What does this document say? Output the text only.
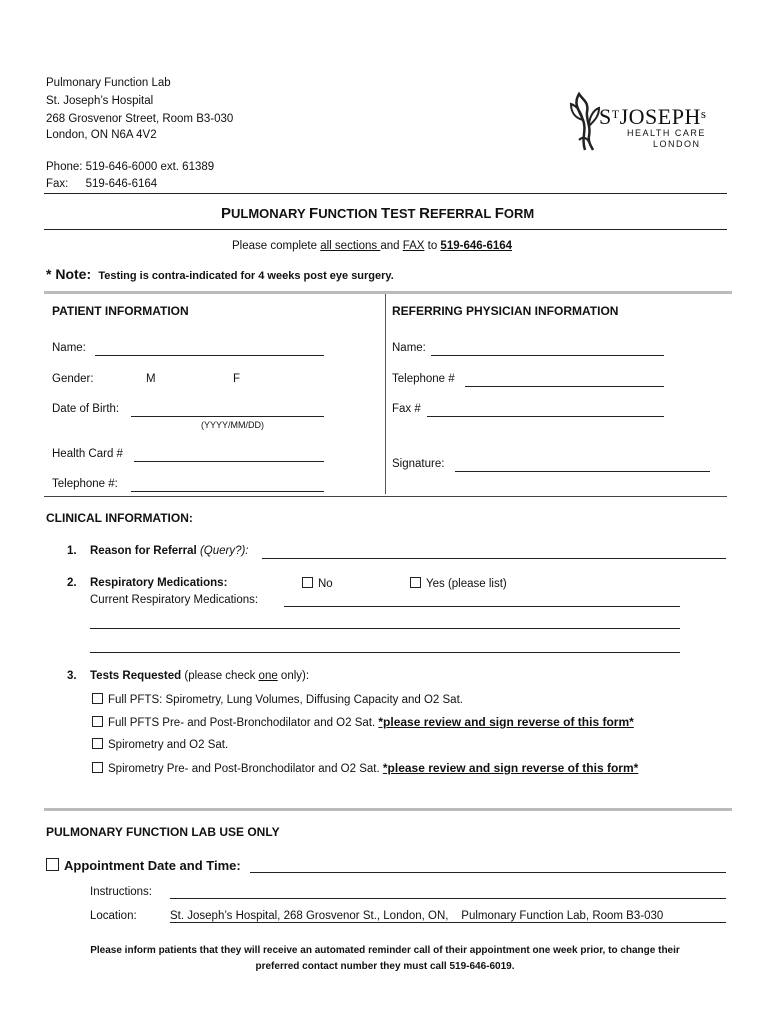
Pulmonary Function Lab
St. Joseph’s Hospital
268 Grosvenor Street, Room B3-030
London, ON N6A 4V2
Phone: 519-646-6000 ext. 61389
Fax: 519-646-6164
$S^TJOSEPH^s$
HEALTH CARE
LONDON
PULMONARY FUNCTION TEST REFERRAL FORM
Please complete all sections and FAX to 519-646-6164
* Note: Testing is contra-indicated for 4 weeks post eye surgery.
PATIENT INFORMATION
Name:
Gender:	M	F
Date of Birth:
(YYYY/MM/DD)
Health Card #
Telephone #:
REFERRING PHYSICIAN INFORMATION
Name:
Telephone #
Fax #
Signature:
CLINICAL INFORMATION:
1. Reason for Referral (Query?):
2. Respiratory Medications:	No	Yes (please list)
Current Respiratory Medications:
3. Tests Requested (please check one only):
Full PFTS: Spirometry, Lung Volumes, Diffusing Capacity and O2 Sat.
Full PFTS Pre- and Post-Bronchodilator and O2 Sat. *please review and sign reverse of this form*
Spirometry and O2 Sat.
Spirometry Pre- and Post-Bronchodilator and O2 Sat. *please review and sign reverse of this form*
PULMONARY FUNCTION LAB USE ONLY
Appointment Date and Time:
Instructions:
Location:	St. Joseph’s Hospital, 268 Grosvenor St., London, ON,    Pulmonary Function Lab, Room B3-030
Please inform patients that they will receive an automated reminder call of their appointment one week prior, to change their
preferred contact number they must call 519-646-6019.
